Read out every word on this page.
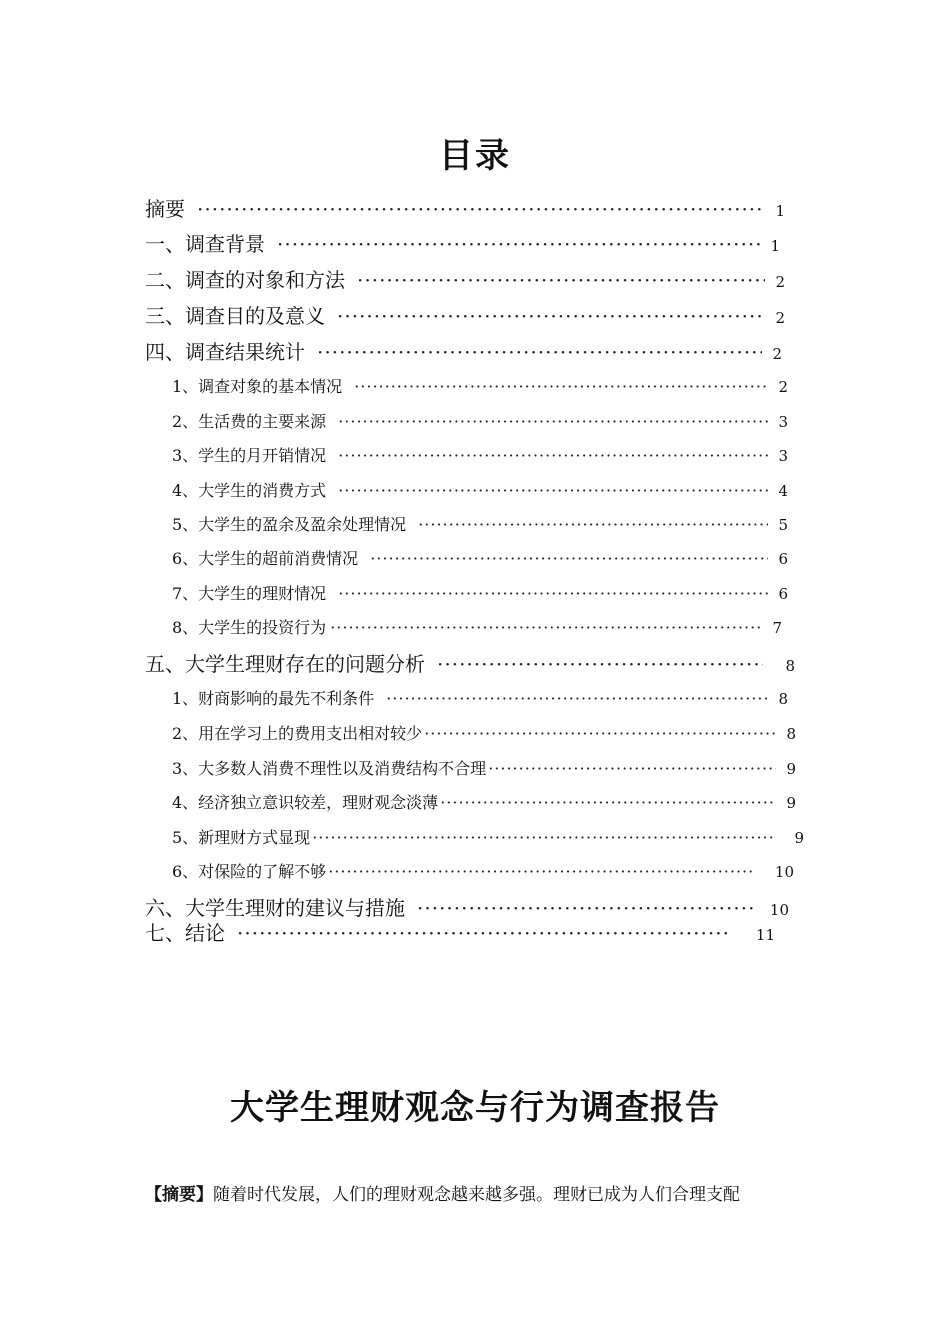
目录
摘要 ·····	1
一、调查背景 ·····	1
二、调查的对象和方法 ·····	2
三、调查目的及意义 ·····	2
四、调查结果统计 ·····	2
1、调查对象的基本情况 ·····	2
2、生活费的主要来源 ·····	3
3、学生的月开销情况 ·····	3
4、大学生的消费方式 ·····	4
5、大学生的盈余及盈余处理情况 ·····	5
6、大学生的超前消费情况 ·····	6
7、大学生的理财情况 ·····	6
8、大学生的投资行为 ·····	7
五、大学生理财存在的问题分析 ·····	8
1、财商影响的最先不利条件 ·····	8
2、用在学习上的费用支出相对较少 ·····	8
3、大多数人消费不理性以及消费结构不合理 ·····	9
4、经济独立意识较差，理财观念淡薄 ·····	9
5、新理财方式显现 ·····	9
6、对保险的了解不够 ·····	10
六、大学生理财的建议与措施 ·····	10
七、结论 ·····	11
大学生理财观念与行为调查报告
【摘要】随着时代发展，人们的理财观念越来越多强。理财已成为人们合理支配
